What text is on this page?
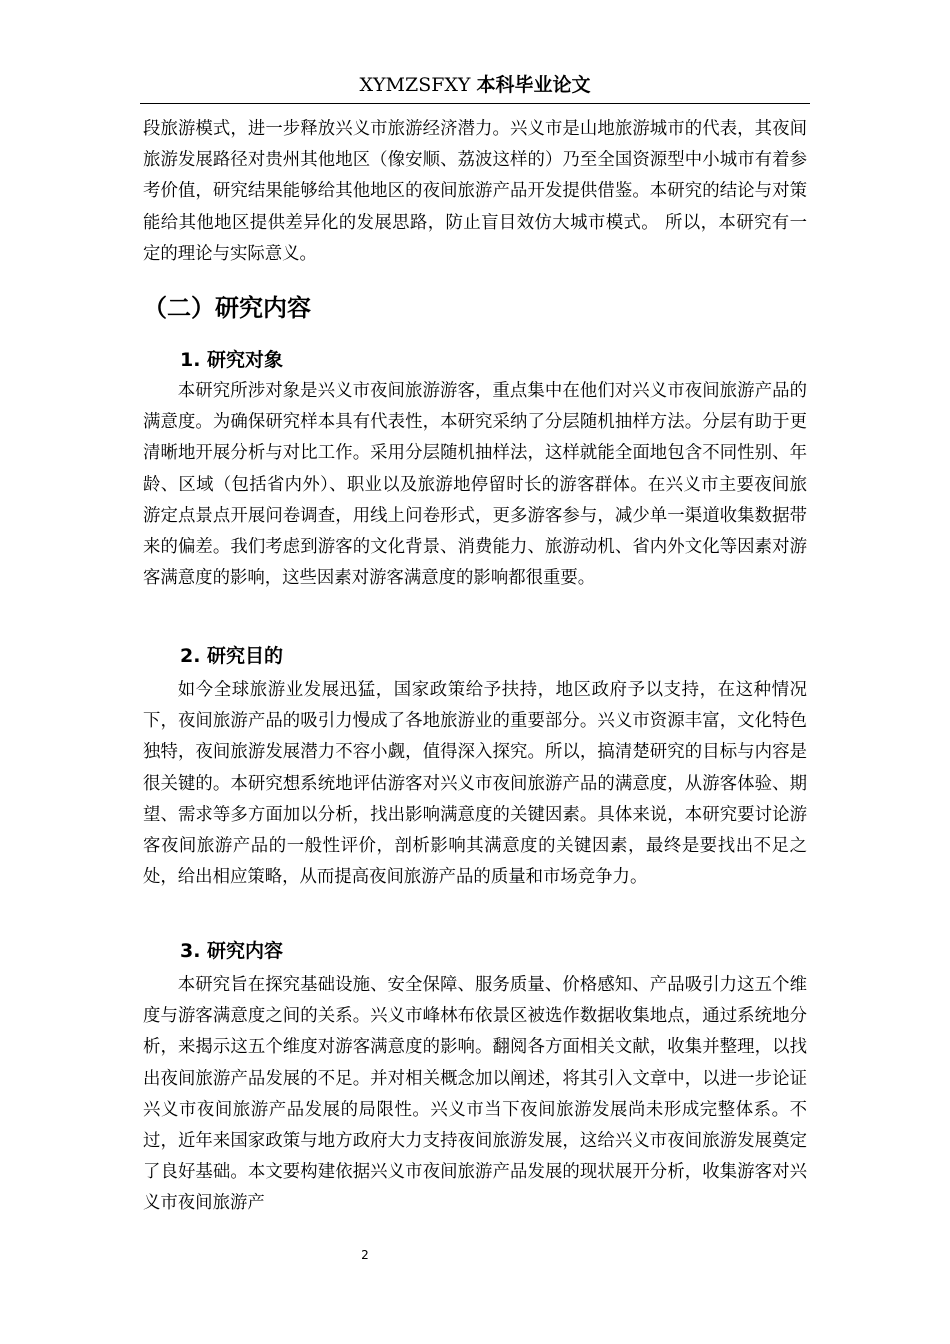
XYMZSFXY 本科毕业论文

段旅游模式，进一步释放兴义市旅游经济潜力。兴义市是山地旅游城市的代表，其夜间旅游发展路径对贵州其他地区（像安顺、荔波这样的）乃至全国资源型中小城市有着参考价值，研究结果能够给其他地区的夜间旅游产品开发提供借鉴。本研究的结论与对策能给其他地区提供差异化的发展思路，防止盲目效仿大城市模式。 所以，本研究有一定的理论与实际意义。

（二）研究内容
1. 研究对象

本研究所涉对象是兴义市夜间旅游游客，重点集中在他们对兴义市夜间旅游产品的满意度。为确保研究样本具有代表性，本研究采纳了分层随机抽样方法。分层有助于更清晰地开展分析与对比工作。采用分层随机抽样法，这样就能全面地包含不同性别、年龄、区域（包括省内外）、职业以及旅游地停留时长的游客群体。在兴义市主要夜间旅游定点景点开展问卷调查，用线上问卷形式，更多游客参与，减少单一渠道收集数据带来的偏差。我们考虑到游客的文化背景、消费能力、旅游动机、省内外文化等因素对游客满意度的影响，这些因素对游客满意度的影响都很重要。

2. 研究目的

如今全球旅游业发展迅猛，国家政策给予扶持，地区政府予以支持，在这种情况下，夜间旅游产品的吸引力慢成了各地旅游业的重要部分。兴义市资源丰富，文化特色独特，夜间旅游发展潜力不容小觑，值得深入探究。所以，搞清楚研究的目标与内容是很关键的。本研究想系统地评估游客对兴义市夜间旅游产品的满意度，从游客体验、期望、需求等多方面加以分析，找出影响满意度的关键因素。具体来说，本研究要讨论游客夜间旅游产品的一般性评价，剖析影响其满意度的关键因素，最终是要找出不足之处，给出相应策略，从而提高夜间旅游产品的质量和市场竞争力。

3. 研究内容

本研究旨在探究基础设施、安全保障、服务质量、价格感知、产品吸引力这五个维度与游客满意度之间的关系。兴义市峰林布依景区被选作数据收集地点，通过系统地分析，来揭示这五个维度对游客满意度的影响。翻阅各方面相关文献，收集并整理，以找出夜间旅游产品发展的不足。并对相关概念加以阐述，将其引入文章中，以进一步论证兴义市夜间旅游产品发展的局限性。兴义市当下夜间旅游发展尚未形成完整体系。不过，近年来国家政策与地方政府大力支持夜间旅游发展，这给兴义市夜间旅游发展奠定了良好基础。本文要构建依据兴义市夜间旅游产品发展的现状展开分析，收集游客对兴义市夜间旅游产

2
